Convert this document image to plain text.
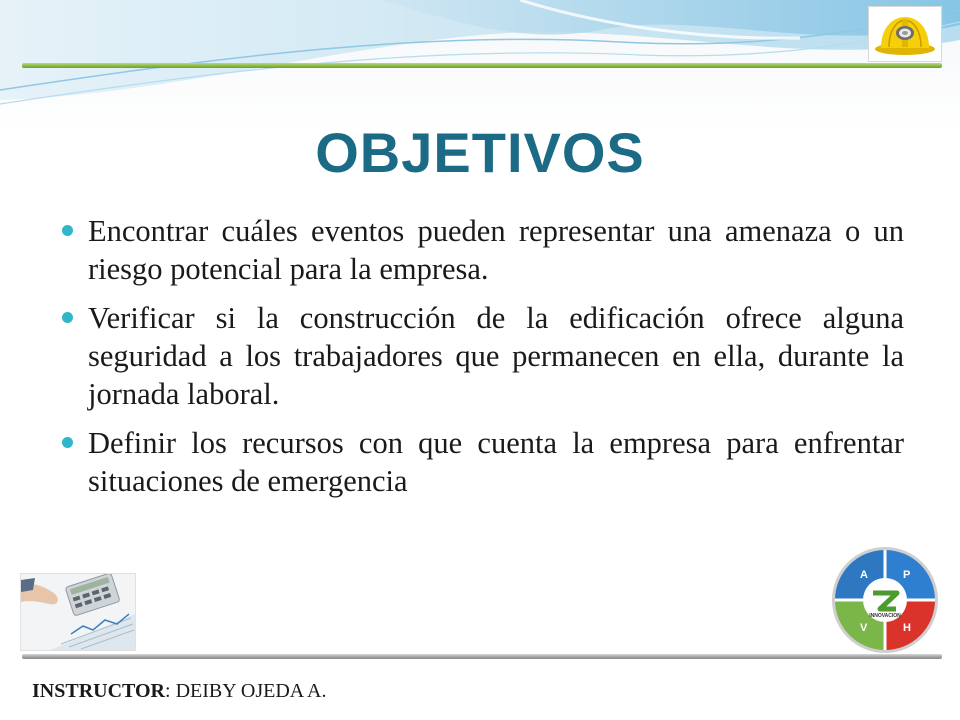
OBJETIVOS
Encontrar cuáles eventos pueden representar una amenaza o un riesgo potencial para la empresa.
Verificar si la construcción de la edificación ofrece alguna seguridad a los trabajadores que permanecen en ella, durante la jornada laboral.
Definir los recursos con que cuenta la empresa para enfrentar situaciones de emergencia
A	P
V	H
INNOVACION
INSTRUCTOR: DEIBY OJEDA A.
